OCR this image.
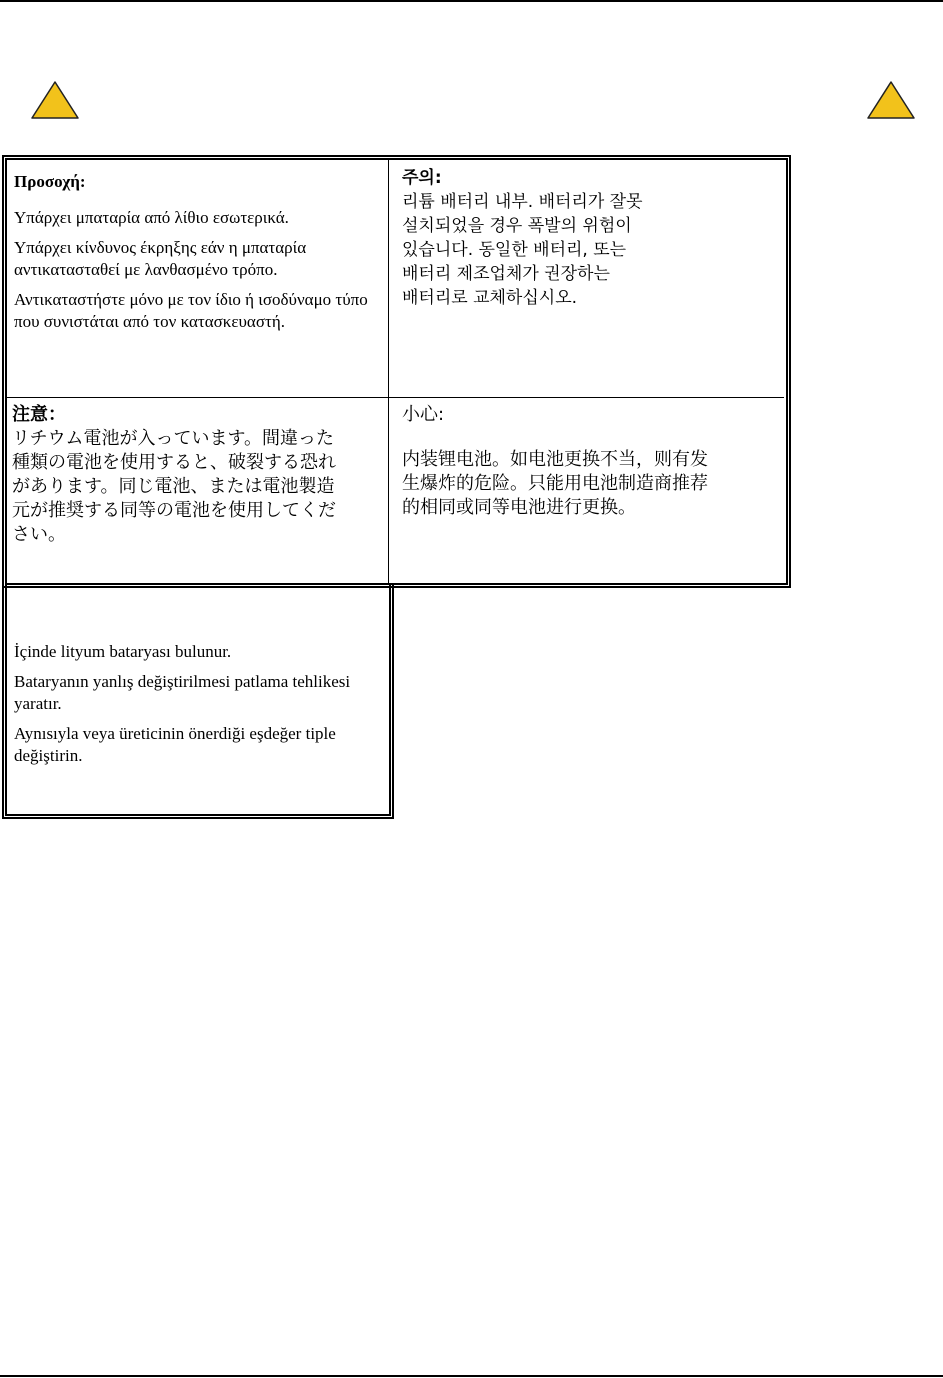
Προσοχή:

Υπάρχει μπαταρία από λίθιο εσωτερικά.

Υπάρχει κίνδυνος έκρηξης εάν η μπαταρία αντικατασταθεί με λανθασμένο τρόπο.

Αντικαταστήστε μόνο με τον ίδιο ή ισοδύναμο τύπο που συνιστάται από τον κατασκευαστή.

주의:

리튬 배터리 내부. 배터리가 잘못

설치되었을 경우 폭발의 위험이

있습니다. 동일한 배터리, 또는

배터리 제조업체가 권장하는

배터리로 교체하십시오.

注意：

リチウム電池が入っています。間違った

種類の電池を使用すると、破裂する恐れ

があります。同じ電池、または電池製造

元が推奨する同等の電池を使用してくだ

さい。

小心:

内装锂电池。如电池更换不当，则有发

生爆炸的危险。只能用电池制造商推荐

的相同或同等电池进行更换。

İçinde lityum bataryası bulunur.

Bataryanın yanlış değiştirilmesi patlama tehlikesi yaratır.

Aynısıyla veya üreticinin önerdiği eşdeğer tiple değiştirin.
